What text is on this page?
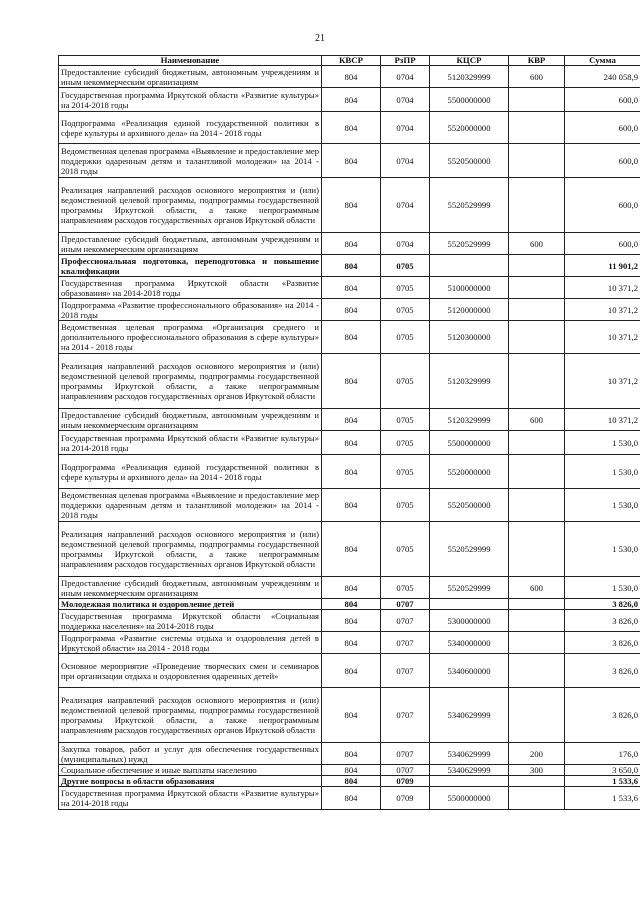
21
Наименование	КВСР	РзПР	КЦСР	КВР	Сумма
Предоставление субсидий бюджетным, автономным учреждениям и иным некоммерческим организациям	804	0704	5120329999	600	240 058,9
Государственная программа Иркутской области «Развитие культуры» на 2014-2018 годы	804	0704	5500000000		600,0
Подпрограмма «Реализация единой государственной политики в сфере культуры и архивного дела» на 2014 - 2018 годы	804	0704	5520000000		600,0
Ведомственная целевая программа «Выявление и предоставление мер поддержки одаренным детям и талантливой молодежи» на 2014 - 2018 годы	804	0704	5520500000		600,0
Реализация направлений расходов основного мероприятия и (или) ведомственной целевой программы, подпрограммы государственной программы Иркутской области, а также непрограммным направлениям расходов государственных органов Иркутской области	804	0704	5520529999		600,0
Предоставление субсидий бюджетным, автономным учреждениям и иным некоммерческим организациям	804	0704	5520529999	600	600,0
Профессиональная подготовка, переподготовка и повышение квалификации	804	0705			11 901,2
Государственная программа Иркутской области «Развитие образования» на 2014-2018 годы	804	0705	5100000000		10 371,2
Подпрограмма «Развитие профессионального образования» на 2014 - 2018 годы	804	0705	5120000000		10 371,2
Ведомственная целевая программа «Организация среднего и дополнительного профессионального образования в сфере культуры» на 2014 - 2018 годы	804	0705	5120300000		10 371,2
Реализация направлений расходов основного мероприятия и (или) ведомственной целевой программы, подпрограммы государственной программы Иркутской области, а также непрограммным направлениям расходов государственных органов Иркутской области	804	0705	5120329999		10 371,2
Предоставление субсидий бюджетным, автономным учреждениям и иным некоммерческим организациям	804	0705	5120329999	600	10 371,2
Государственная программа Иркутской области «Развитие культуры» на 2014-2018 годы	804	0705	5500000000		1 530,0
Подпрограмма «Реализация единой государственной политики в сфере культуры и архивного дела» на 2014 - 2018 годы	804	0705	5520000000		1 530,0
Ведомственная целевая программа «Выявление и предоставление мер поддержки одаренным детям и талантливой молодежи» на 2014 - 2018 годы	804	0705	5520500000		1 530,0
Реализация направлений расходов основного мероприятия и (или) ведомственной целевой программы, подпрограммы государственной программы Иркутской области, а также непрограммным направлениям расходов государственных органов Иркутской области	804	0705	5520529999		1 530,0
Предоставление субсидий бюджетным, автономным учреждениям и иным некоммерческим организациям	804	0705	5520529999	600	1 530,0
Молодежная политика и оздоровление детей	804	0707			3 826,0
Государственная программа Иркутской области «Социальная поддержка населения» на 2014-2018 годы	804	0707	5300000000		3 826,0
Подпрограмма «Развитие системы отдыха и оздоровления детей в Иркутской области» на 2014 - 2018 годы	804	0707	5340000000		3 826,0
Основное мероприятие «Проведение творческих смен и семинаров при организации отдыха и оздоровления одаренных детей»	804	0707	5340600000		3 826,0
Реализация направлений расходов основного мероприятия и (или) ведомственной целевой программы, подпрограммы государственной программы Иркутской области, а также непрограммным направлениям расходов государственных органов Иркутской области	804	0707	5340629999		3 826,0
Закупка товаров, работ и услуг для обеспечения государственных (муниципальных) нужд	804	0707	5340629999	200	176,0
Социальное обеспечение и иные выплаты населению	804	0707	5340629999	300	3 650,0
Другие вопросы в области образования	804	0709			1 533,6
Государственная программа Иркутской области «Развитие культуры» на 2014-2018 годы	804	0709	5500000000		1 533,6
